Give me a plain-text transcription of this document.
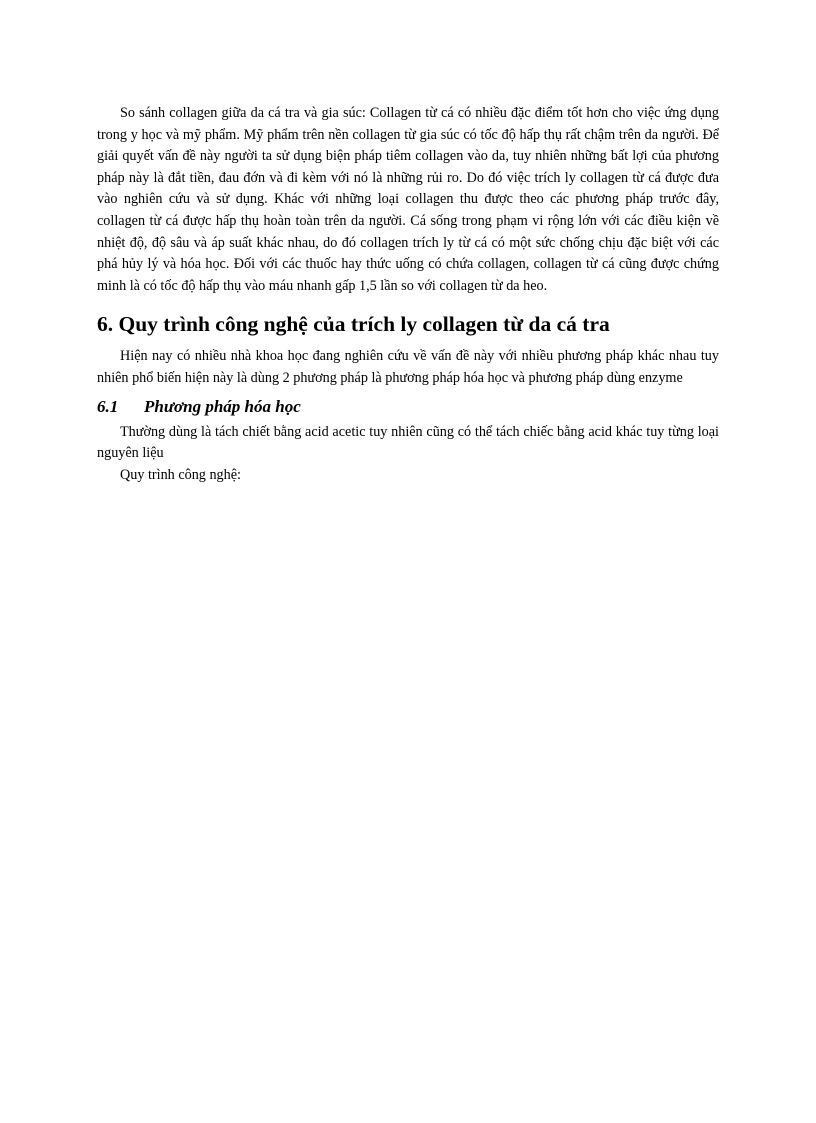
So sánh collagen giữa da cá tra và gia súc: Collagen từ cá có nhiều đặc điểm tốt hơn cho việc ứng dụng trong y học và mỹ phẩm. Mỹ phẩm trên nền collagen từ gia súc có tốc độ hấp thụ rất chậm trên da người. Để giải quyết vấn đề này người ta sử dụng biện pháp tiêm collagen vào da, tuy nhiên những bất lợi của phương pháp này là đắt tiền, đau đớn và đi kèm với nó là những rủi ro. Do đó việc trích ly collagen từ cá được đưa vào nghiên cứu và sử dụng. Khác với những loại collagen thu được theo các phương pháp trước đây, collagen từ cá được hấp thụ hoàn toàn trên da người. Cá sống trong phạm vi rộng lớn với các điều kiện về nhiệt độ, độ sâu và áp suất khác nhau, do đó collagen trích ly từ cá có một sức chống chịu đặc biệt với các phá hủy lý và hóa học. Đối với các thuốc hay thức uống có chứa collagen, collagen từ cá cũng được chứng minh là có tốc độ hấp thụ vào máu nhanh gấp 1,5 lần so với collagen từ da heo.

6. Quy trình công nghệ của trích ly collagen từ da cá tra

Hiện nay có nhiều nhà khoa học đang nghiên cứu về vấn đề này với nhiều phương pháp khác nhau tuy nhiên phổ biến hiện này là dùng 2 phương pháp là phương pháp hóa học và phương pháp dùng enzyme

6.1 Phương pháp hóa học

Thường dùng là tách chiết bằng acid acetic tuy nhiên cũng có thể tách chiếc bằng acid khác tuy từng loại nguyên liệu

Quy trình công nghệ:
